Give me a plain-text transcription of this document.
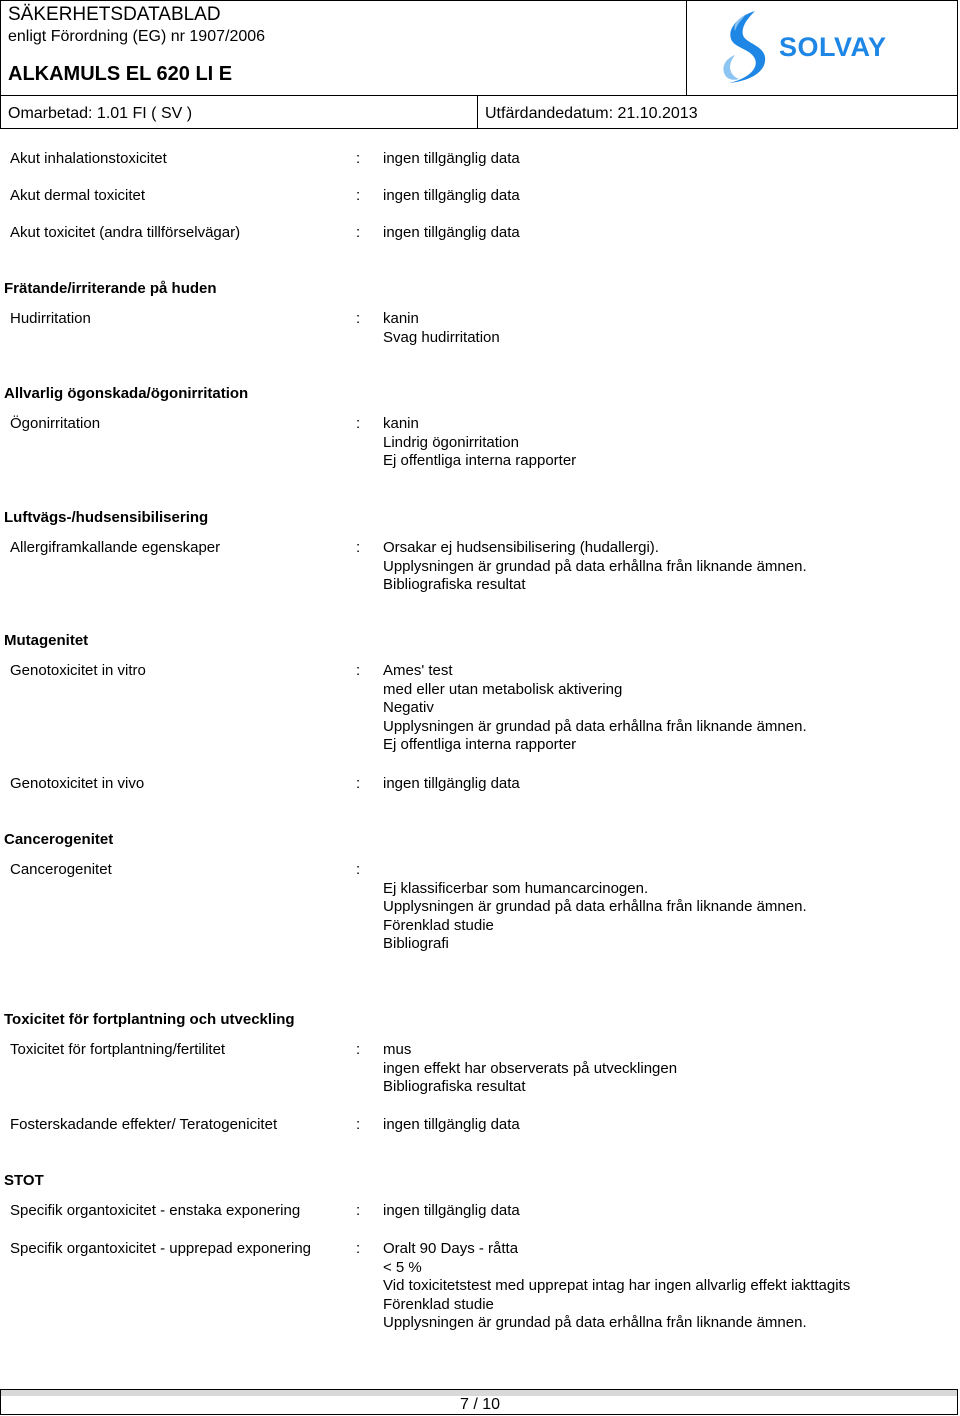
SÄKERHETSDATABLAD
enligt Förordning (EG) nr 1907/2006
ALKAMULS EL 620 LI E
SOLVAY
Omarbetad: 1.01 FI ( SV )	Utfärdandedatum: 21.10.2013
Akut inhalationstoxicitet	: ingen tillgänglig data
Akut dermal toxicitet	: ingen tillgänglig data
Akut toxicitet (andra tillförselvägar)	: ingen tillgänglig data
Frätande/irriterande på huden
Hudirritation	: kanin
Svag hudirritation
Allvarlig ögonskada/ögonirritation
Ögonirritation	: kanin
Lindrig ögonirritation
Ej offentliga interna rapporter
Luftvägs-/hudsensibilisering
Allergiframkallande egenskaper	: Orsakar ej hudsensibilisering (hudallergi).
Upplysningen är grundad på data erhållna från liknande ämnen.
Bibliografiska resultat
Mutagenitet
Genotoxicitet in vitro	: Ames' test
med eller utan metabolisk aktivering
Negativ
Upplysningen är grundad på data erhållna från liknande ämnen.
Ej offentliga interna rapporter
Genotoxicitet in vivo	: ingen tillgänglig data
Cancerogenitet
Cancerogenitet	:
Ej klassificerbar som humancarcinogen.
Upplysningen är grundad på data erhållna från liknande ämnen.
Förenklad studie
Bibliografi
Toxicitet för fortplantning och utveckling
Toxicitet för fortplantning/fertilitet	: mus
ingen effekt har observerats på utvecklingen
Bibliografiska resultat
Fosterskadande effekter/ Teratogenicitet	: ingen tillgänglig data
STOT
Specifik organtoxicitet - enstaka exponering	: ingen tillgänglig data
Specifik organtoxicitet - upprepad exponering	: Oralt 90 Days - råtta
< 5 %
Vid toxicitetstest med upprepat intag har ingen allvarlig effekt iakttagits
Förenklad studie
Upplysningen är grundad på data erhållna från liknande ämnen.
7 / 10
